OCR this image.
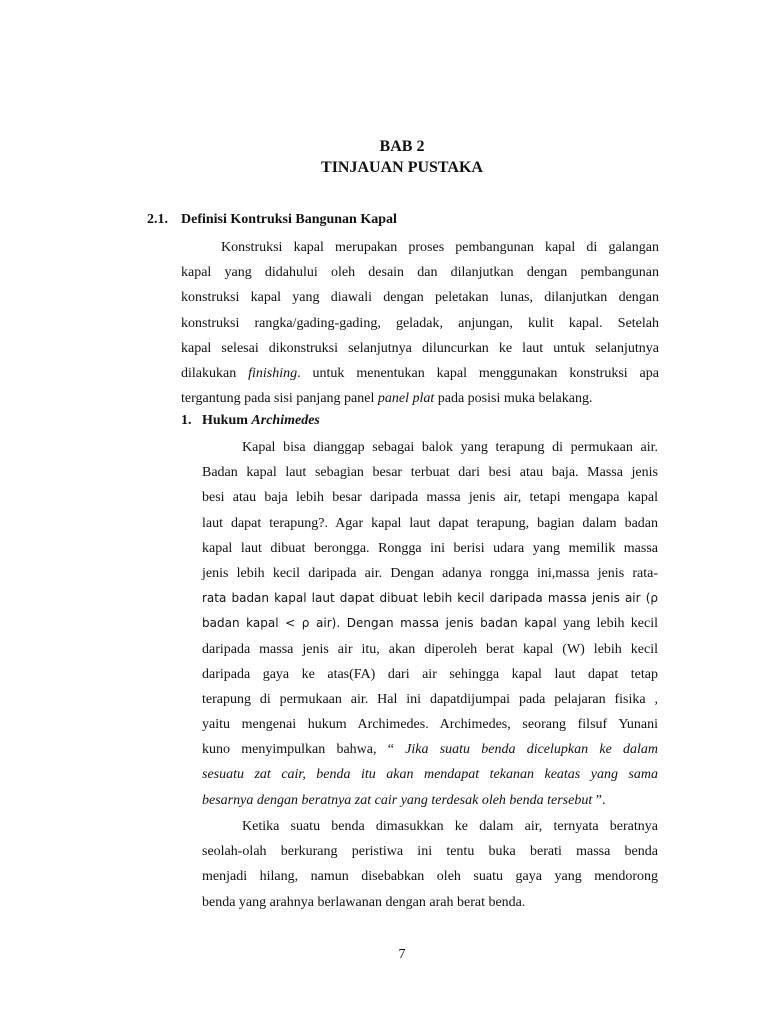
BAB 2
TINJAUAN PUSTAKA
2.1. Definisi Kontruksi Bangunan Kapal
Konstruksi kapal merupakan proses pembangunan kapal di galangan
kapal yang didahului oleh desain dan dilanjutkan dengan pembangunan
konstruksi kapal yang diawali dengan peletakan lunas, dilanjutkan dengan
konstruksi rangka/gading-gading, geladak, anjungan, kulit kapal. Setelah
kapal selesai dikonstruksi selanjutnya diluncurkan ke laut untuk selanjutnya
dilakukan finishing. untuk menentukan kapal menggunakan konstruksi apa
tergantung pada sisi panjang panel panel plat pada posisi muka belakang.
1. Hukum Archimedes
Kapal bisa dianggap sebagai balok yang terapung di permukaan air.
Badan kapal laut sebagian besar terbuat dari besi atau baja. Massa jenis
besi atau baja lebih besar daripada massa jenis air, tetapi mengapa kapal
laut dapat terapung?. Agar kapal laut dapat terapung, bagian dalam badan
kapal laut dibuat berongga. Rongga ini berisi udara yang memilik massa
jenis lebih kecil daripada air. Dengan adanya rongga ini,massa jenis rata-
rata badan kapal laut dapat dibuat lebih kecil daripada massa jenis air (ρ
badan kapal < ρ air). Dengan massa jenis badan kapal yang lebih kecil
daripada massa jenis air itu, akan diperoleh berat kapal (W) lebih kecil
daripada gaya ke atas(FA) dari air sehingga kapal laut dapat tetap
terapung di permukaan air. Hal ini dapatdijumpai pada pelajaran fisika ,
yaitu mengenai hukum Archimedes. Archimedes, seorang filsuf Yunani
kuno menyimpulkan bahwa, “ Jika suatu benda dicelupkan ke dalam
sesuatu zat cair, benda itu akan mendapat tekanan keatas yang sama
besarnya dengan beratnya zat cair yang terdesak oleh benda tersebut ”.
Ketika suatu benda dimasukkan ke dalam air, ternyata beratnya
seolah-olah berkurang peristiwa ini tentu buka berati massa benda
menjadi hilang, namun disebabkan oleh suatu gaya yang mendorong
benda yang arahnya berlawanan dengan arah berat benda.
7
